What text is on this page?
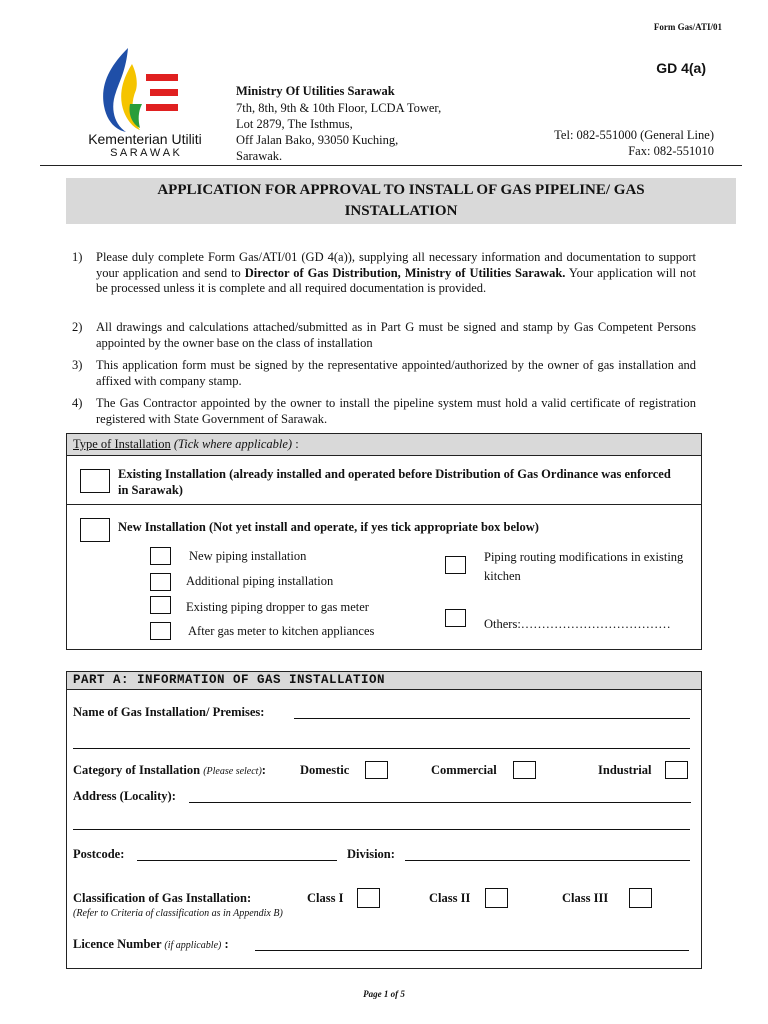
Form Gas/ATI/01
GD 4(a)
Kementerian Utiliti
S A R A W A K
Ministry Of Utilities Sarawak
7th, 8th, 9th & 10th Floor, LCDA Tower,
Lot 2879, The Isthmus,
Off Jalan Bako, 93050 Kuching,
Sarawak.
Tel: 082-551000 (General Line)
Fax: 082-551010
APPLICATION FOR APPROVAL TO INSTALL OF GAS PIPELINE/ GAS
INSTALLATION
1) Please duly complete Form Gas/ATI/01 (GD 4(a)), supplying all necessary information and documentation to support your application and send to Director of Gas Distribution, Ministry of Utilities Sarawak. Your application will not be processed unless it is complete and all required documentation is provided.
2) All drawings and calculations attached/submitted as in Part G must be signed and stamp by Gas Competent Persons appointed by the owner base on the class of installation
3) This application form must be signed by the representative appointed/authorized by the owner of gas installation and affixed with company stamp.
4) The Gas Contractor appointed by the owner to install the pipeline system must hold a valid certificate of registration registered with State Government of Sarawak.
Type of Installation (Tick where applicable) :
Existing Installation (already installed and operated before Distribution of Gas Ordinance was enforced in Sarawak)
New Installation (Not yet install and operate, if yes tick appropriate box below)
New piping installation
Additional piping installation
Existing piping dropper to gas meter
After gas meter to kitchen appliances
Piping routing modifications in existing kitchen
Others:………………………………
PART A: INFORMATION OF GAS INSTALLATION
Name of Gas Installation/ Premises:
Category of Installation (Please select):	Domestic	Commercial	Industrial
Address (Locality):
Postcode:	Division:
Classification of Gas Installation:
(Refer to Criteria of classification as in Appendix B)
Class I	Class II	Class III
Licence Number (if applicable) :
Page 1 of 5
